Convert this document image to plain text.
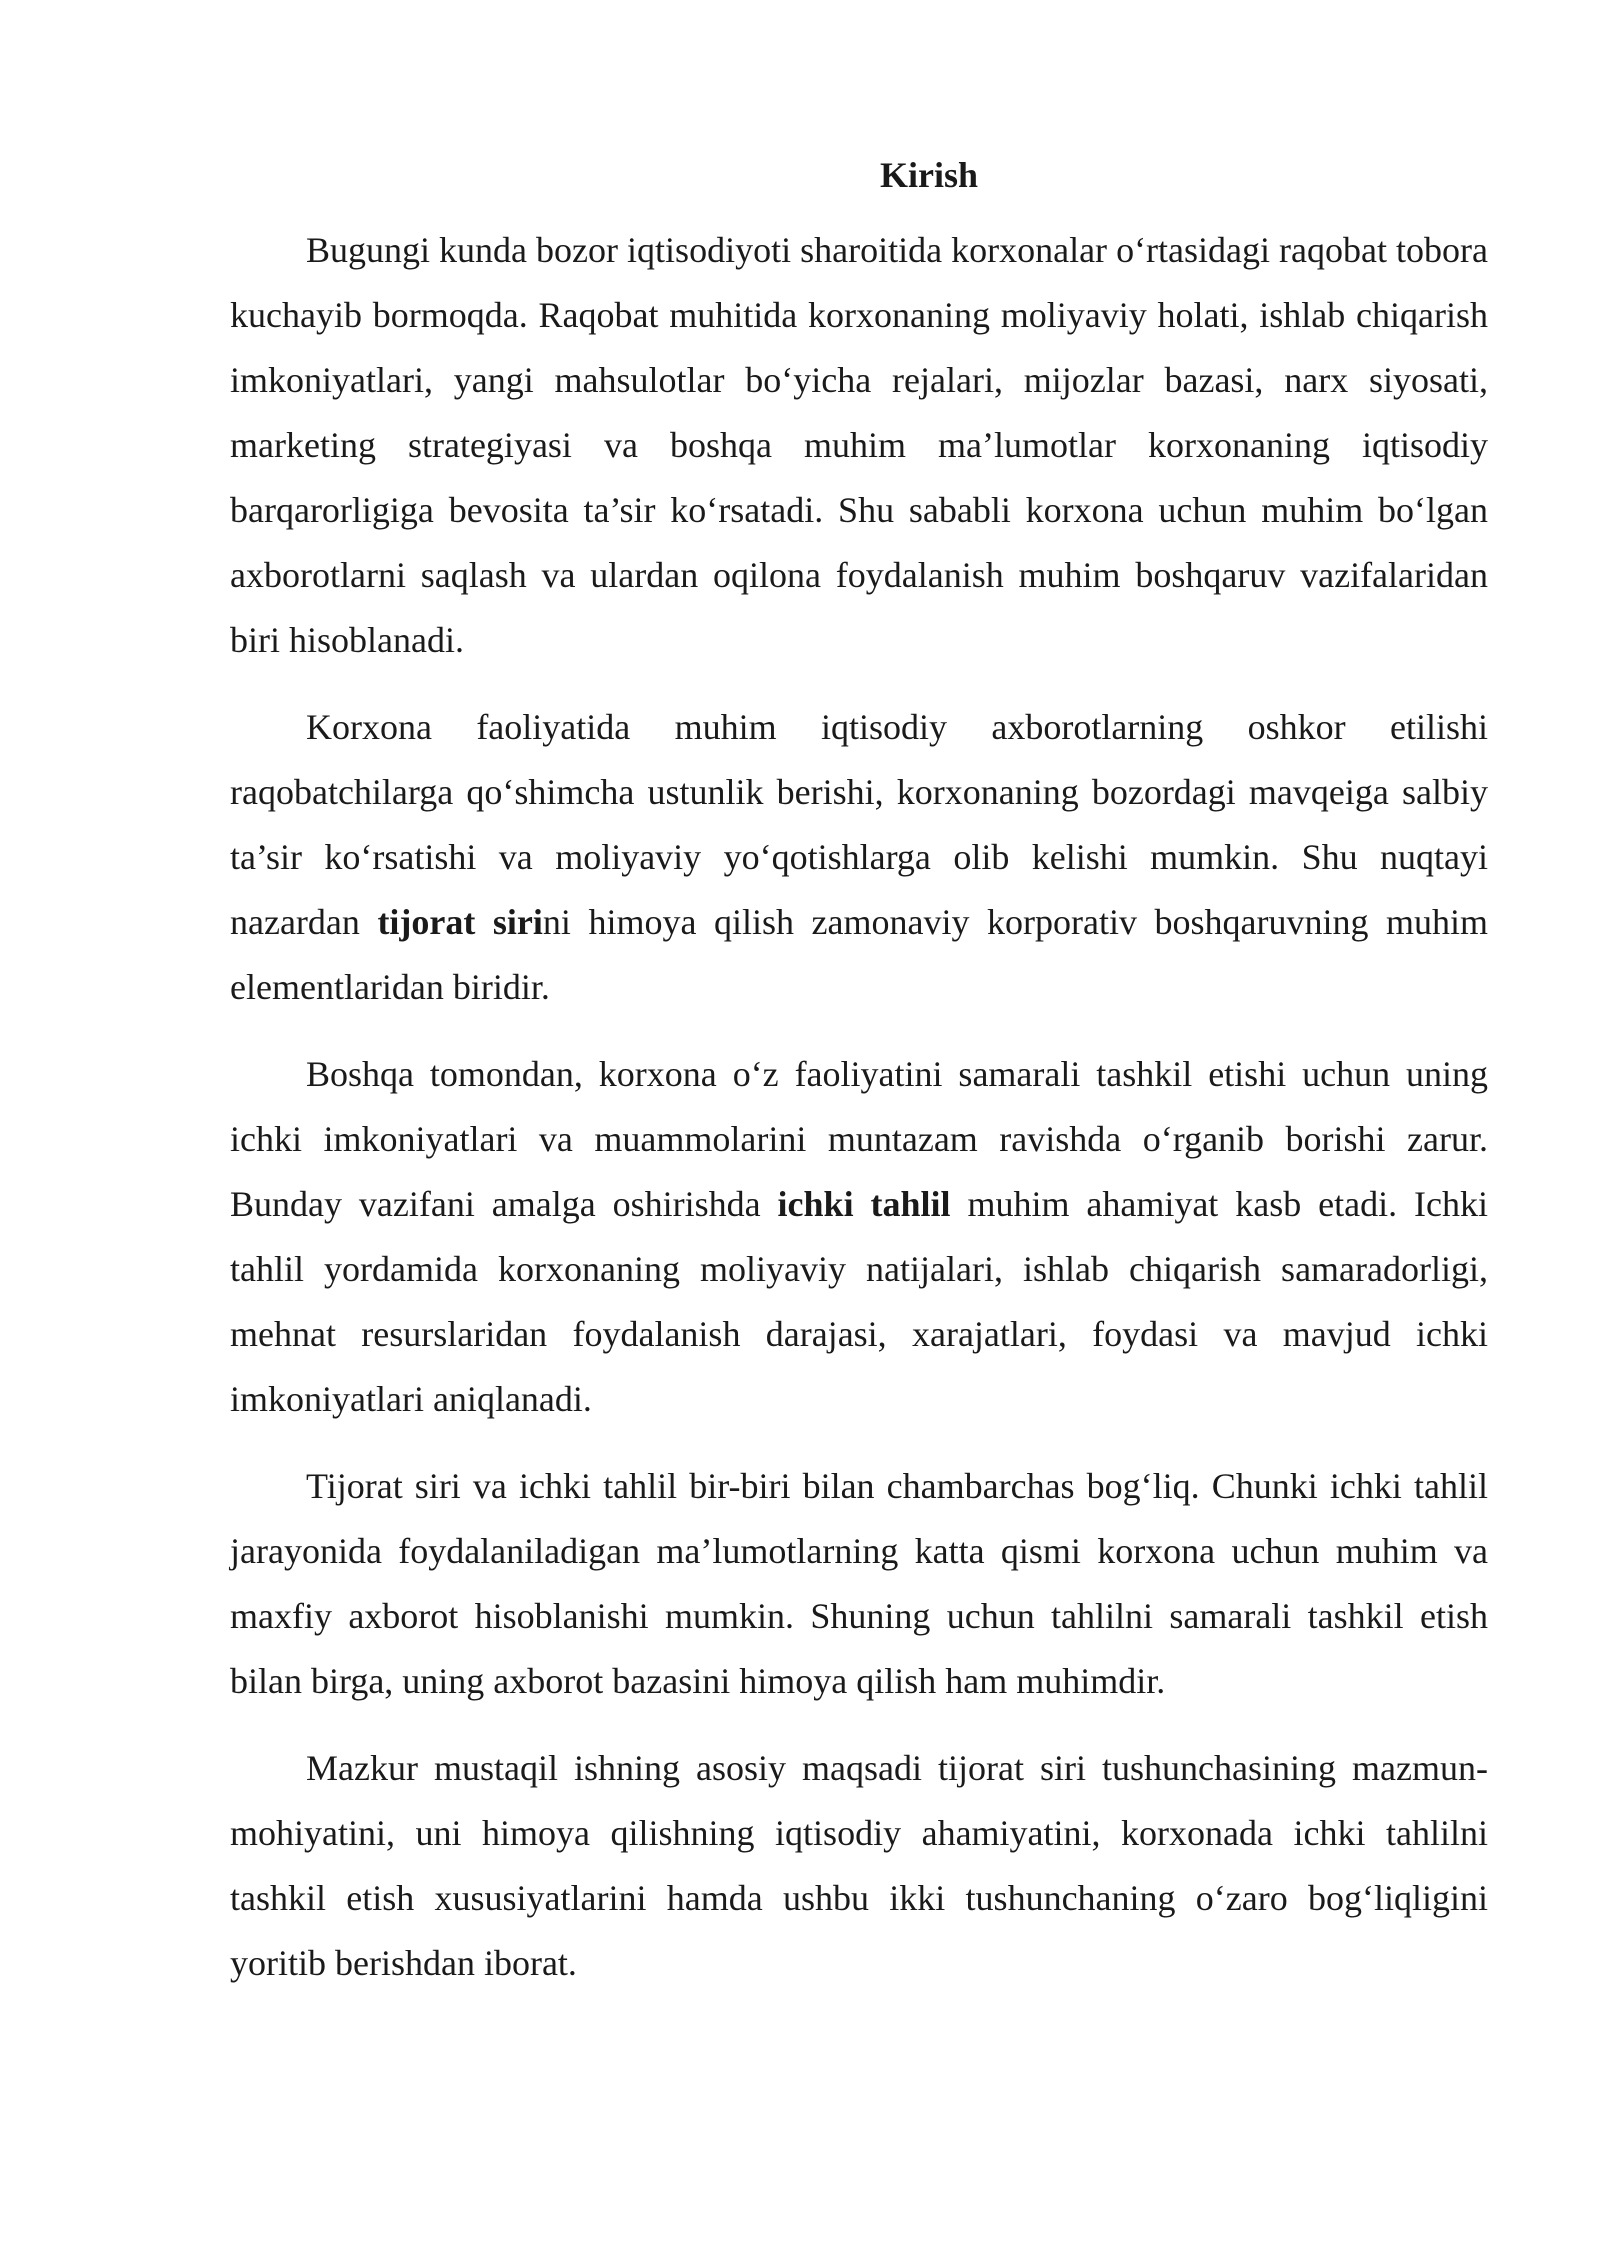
Kirish

Bugungi kunda bozor iqtisodiyoti sharoitida korxonalar o‘rtasidagi raqobat tobora kuchayib bormoqda. Raqobat muhitida korxonaning moliyaviy holati, ishlab chiqarish imkoniyatlari, yangi mahsulotlar bo‘yicha rejalari, mijozlar bazasi, narx siyosati, marketing strategiyasi va boshqa muhim ma’lumotlar korxonaning iqtisodiy barqarorligiga bevosita ta’sir ko‘rsatadi. Shu sababli korxona uchun muhim bo‘lgan axborotlarni saqlash va ulardan oqilona foydalanish muhim boshqaruv vazifalaridan biri hisoblanadi.

Korxona faoliyatida muhim iqtisodiy axborotlarning oshkor etilishi raqobatchilarga qo‘shimcha ustunlik berishi, korxonaning bozordagi mavqeiga salbiy ta’sir ko‘rsatishi va moliyaviy yo‘qotishlarga olib kelishi mumkin. Shu nuqtayi nazardan tijorat sirini himoya qilish zamonaviy korporativ boshqaruvning muhim elementlaridan biridir.

Boshqa tomondan, korxona o‘z faoliyatini samarali tashkil etishi uchun uning ichki imkoniyatlari va muammolarini muntazam ravishda o‘rganib borishi zarur. Bunday vazifani amalga oshirishda ichki tahlil muhim ahamiyat kasb etadi. Ichki tahlil yordamida korxonaning moliyaviy natijalari, ishlab chiqarish samaradorligi, mehnat resurslaridan foydalanish darajasi, xarajatlari, foydasi va mavjud ichki imkoniyatlari aniqlanadi.

Tijorat siri va ichki tahlil bir-biri bilan chambarchas bog‘liq. Chunki ichki tahlil jarayonida foydalaniladigan ma’lumotlarning katta qismi korxona uchun muhim va maxfiy axborot hisoblanishi mumkin. Shuning uchun tahlilni samarali tashkil etish bilan birga, uning axborot bazasini himoya qilish ham muhimdir.

Mazkur mustaqil ishning asosiy maqsadi tijorat siri tushunchasining mazmun-mohiyatini, uni himoya qilishning iqtisodiy ahamiyatini, korxonada ichki tahlilni tashkil etish xususiyatlarini hamda ushbu ikki tushunchaning o‘zaro bog‘liqligini yoritib berishdan iborat.
